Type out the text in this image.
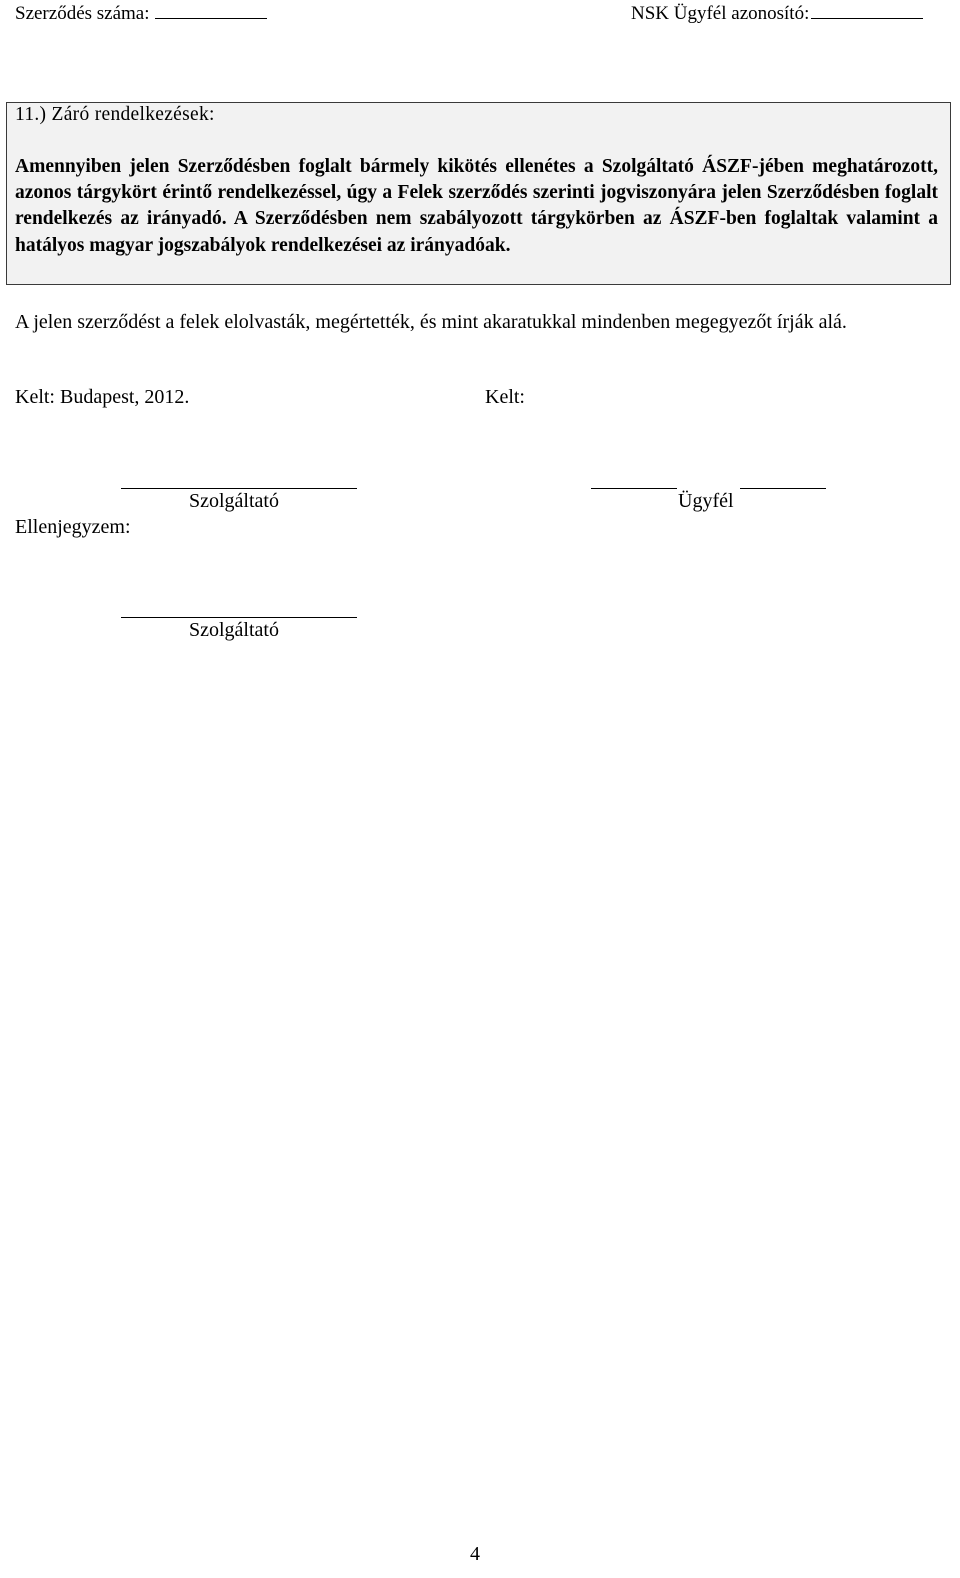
Szerződés száma:	NSK Ügyfél azonosító:
11.) Záró rendelkezések:
Amennyiben jelen Szerződésben foglalt bármely kikötés ellenétes a Szolgáltató ÁSZF-jében meghatározott, azonos tárgykört érintő rendelkezéssel, úgy a Felek szerződés szerinti jogviszonyára jelen Szerződésben foglalt rendelkezés az irányadó. A Szerződésben nem szabályozott tárgykörben az ÁSZF-ben foglaltak valamint a hatályos magyar jogszabályok rendelkezései az irányadóak.
A jelen szerződést a felek elolvasták, megértették, és mint akaratukkal mindenben megegyezőt írják alá.
Kelt: Budapest, 2012.	Kelt:
Szolgáltató	Ügyfél
Ellenjegyzem:
Szolgáltató
4
